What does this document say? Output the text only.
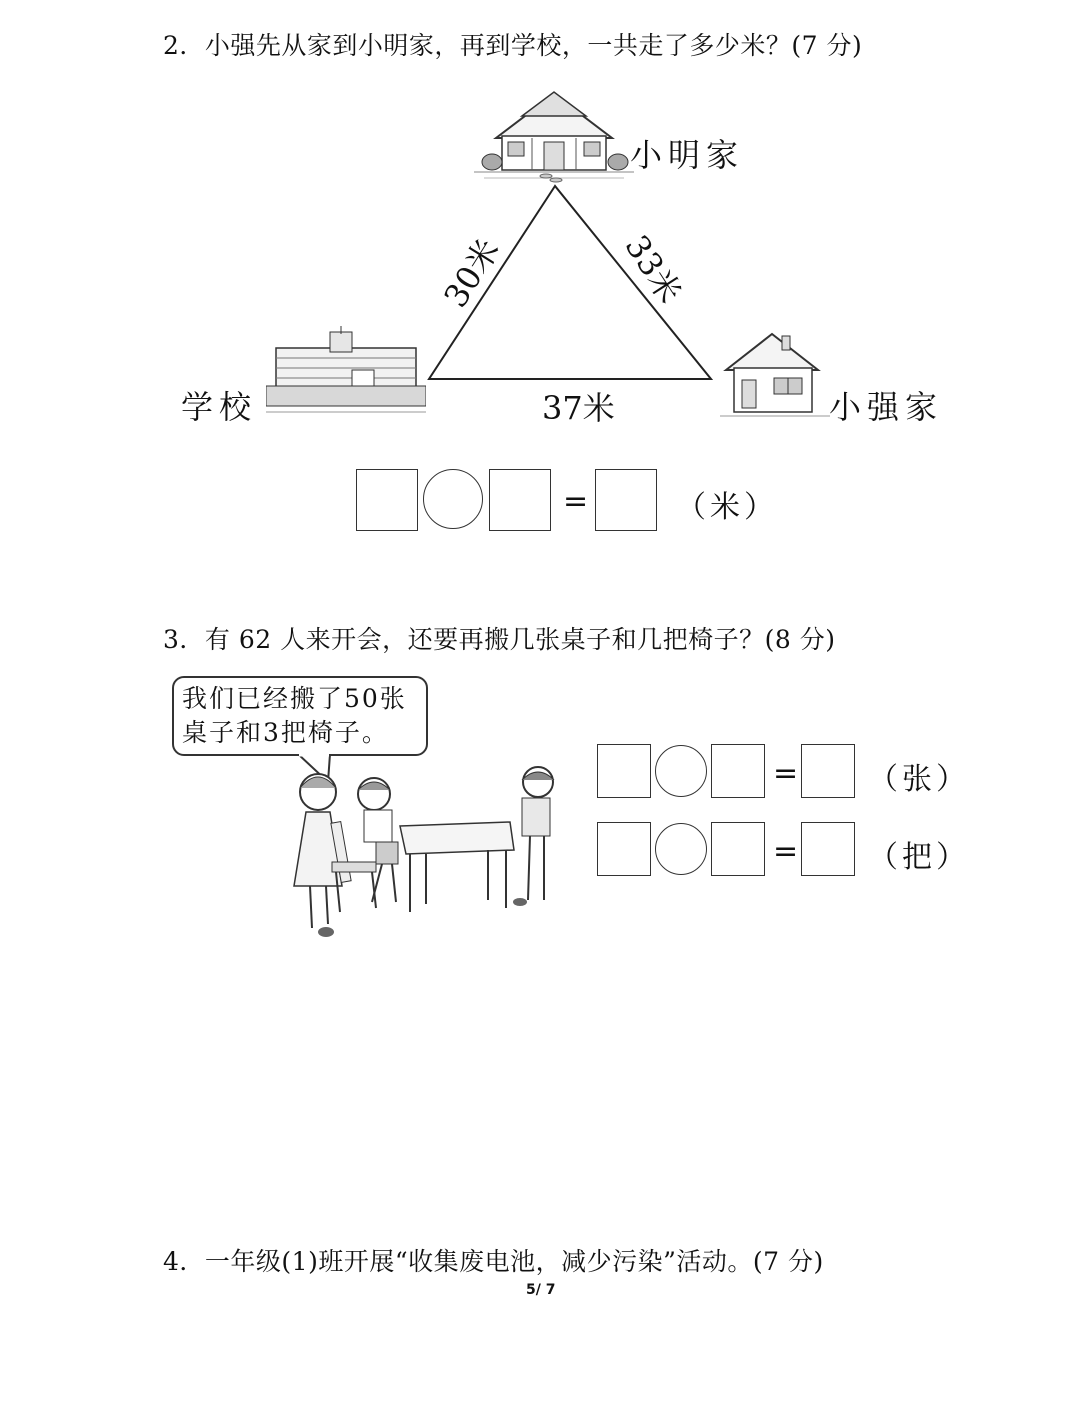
2．小强先从家到小明家，再到学校，一共走了多少米？(7 分)
小明家
30米	33米
37米
学校	小强家
=	（米）
3．有 62 人来开会，还要再搬几张桌子和几把椅子？(8 分)
我们已经搬了50张
桌子和3把椅子。
= （张）
= （把）
4．一年级(1)班开展“收集废电池，减少污染”活动。(7 分)
5/ 7
